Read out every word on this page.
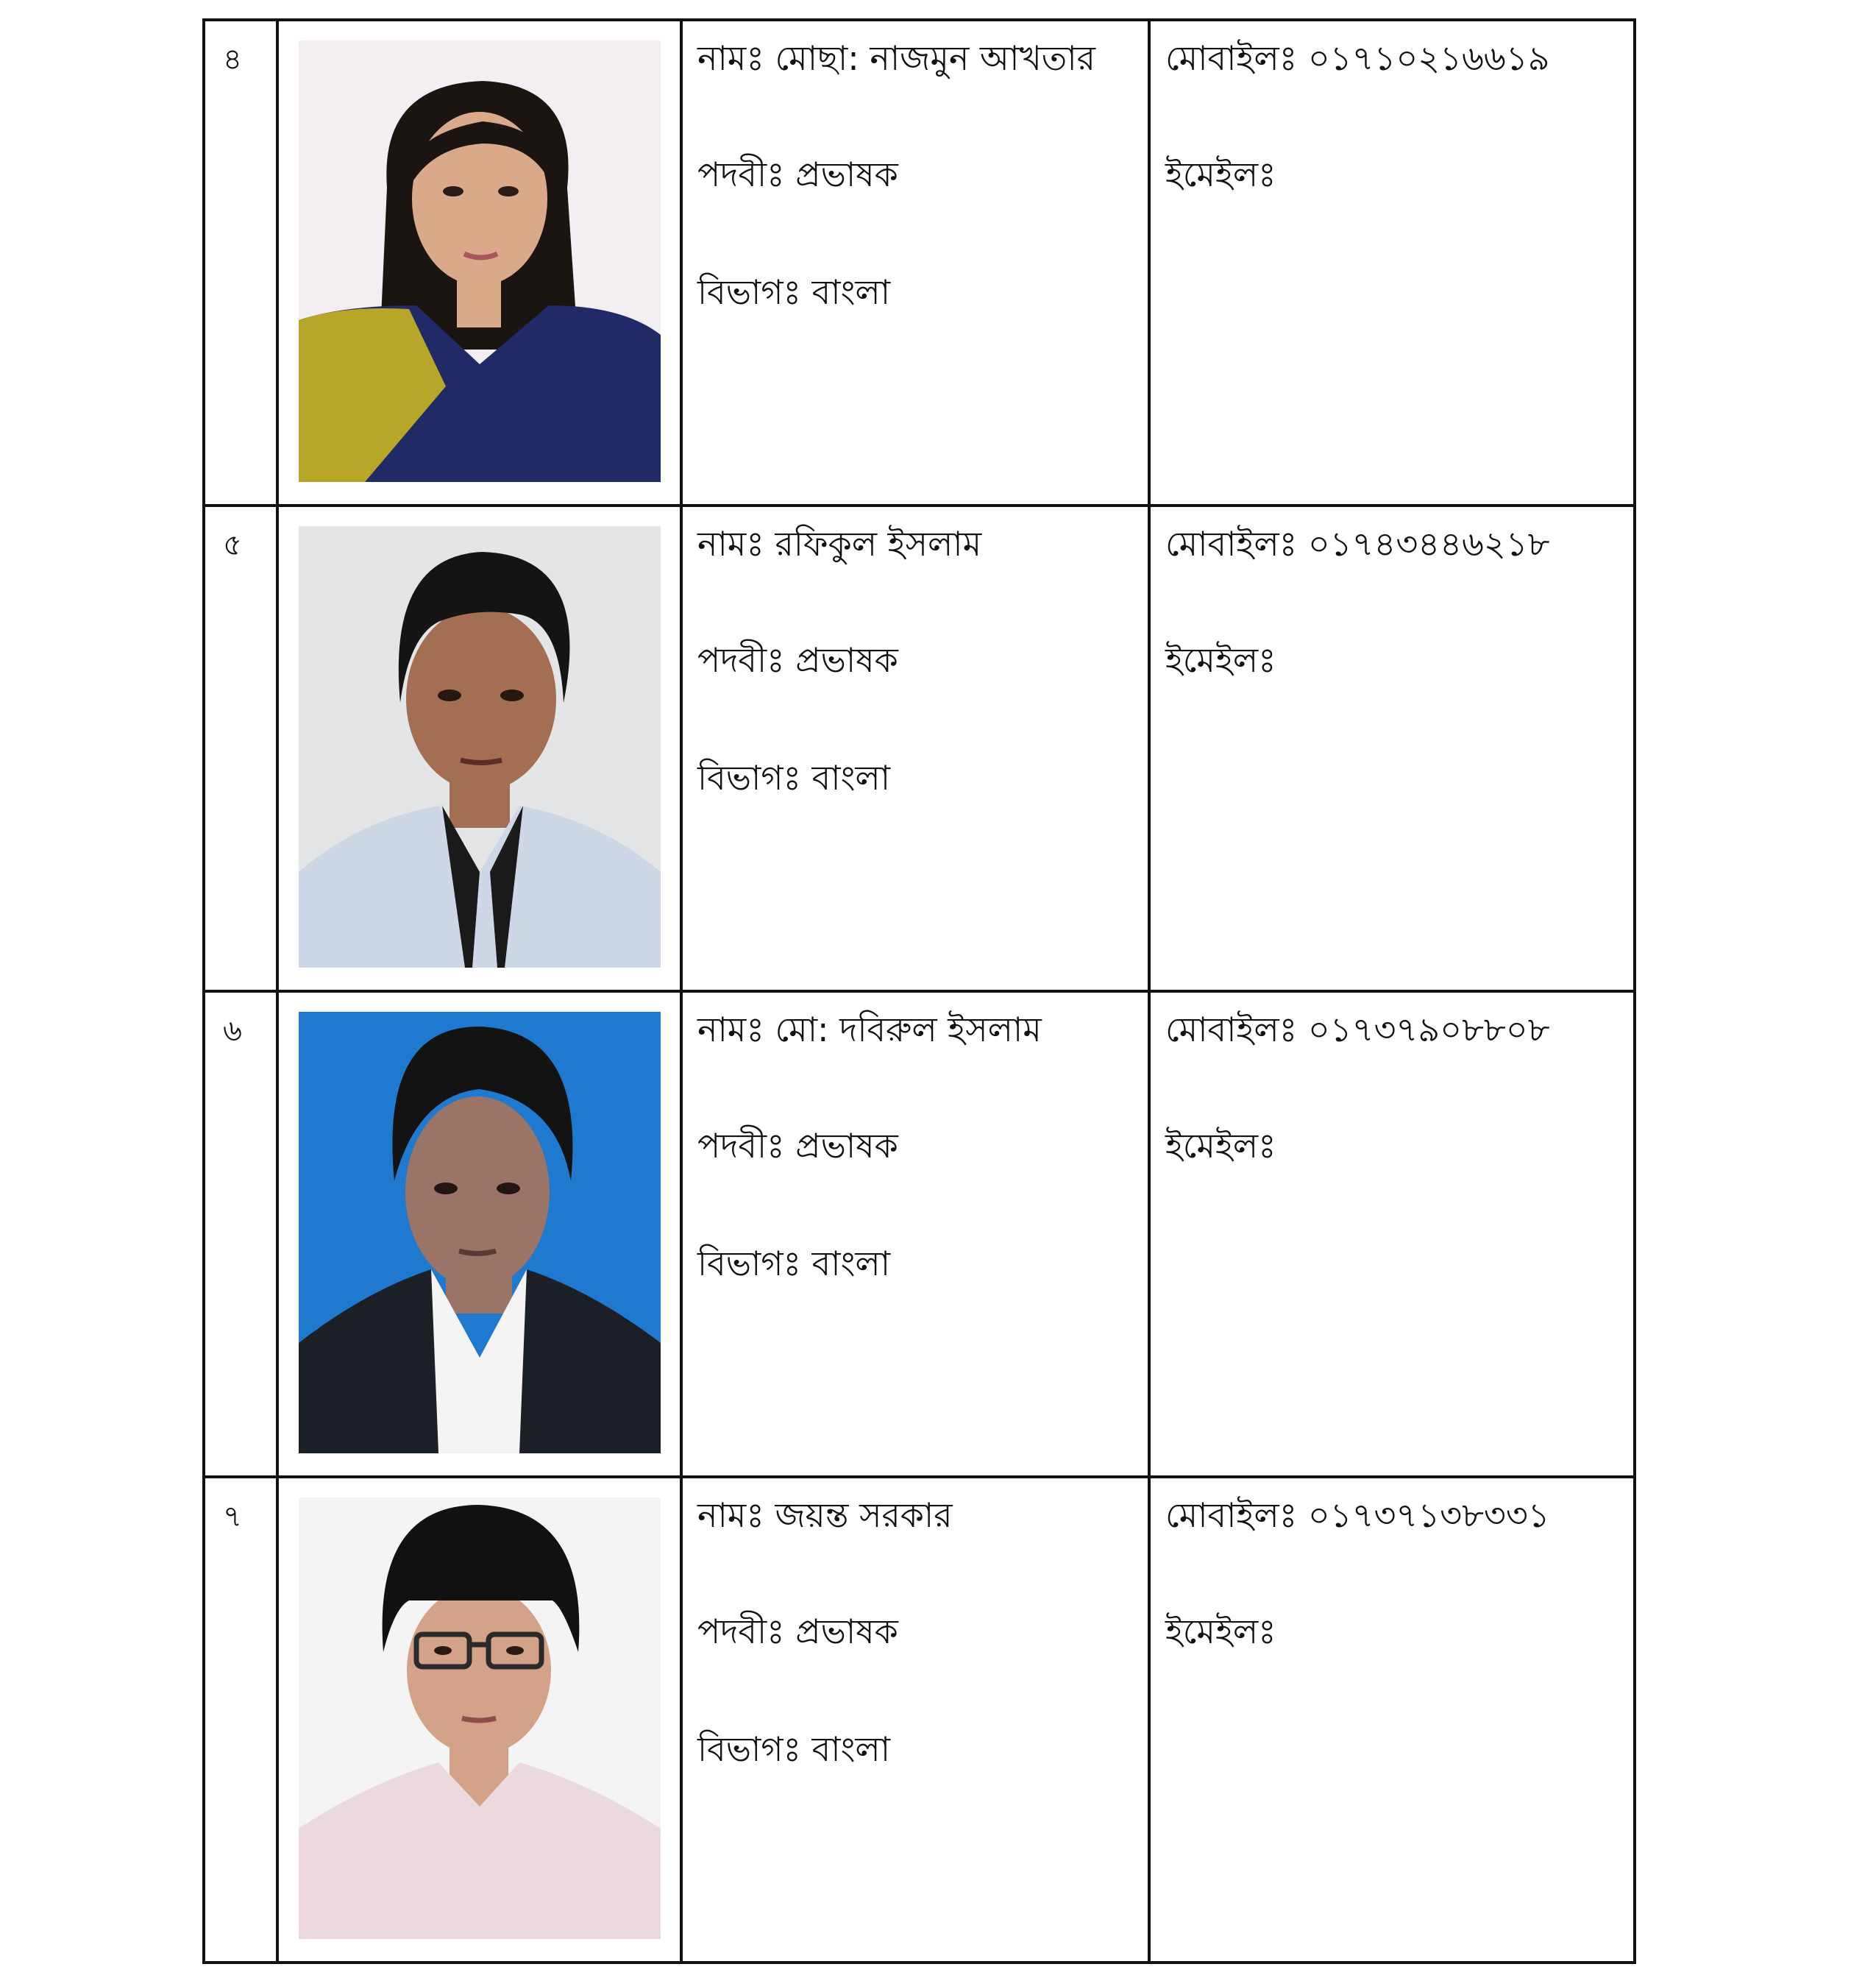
৪		নামঃ মোছা: নাজমুন আখতার
পদবীঃ প্রভাষক
বিভাগঃ বাংলা	মোবাইলঃ ০১৭১০২১৬৬১৯
ইমেইলঃ

৫		নামঃ রফিকুল ইসলাম
পদবীঃ প্রভাষক
বিভাগঃ বাংলা	মোবাইলঃ ০১৭৪৩৪৪৬২১৮
ইমেইলঃ

৬		নামঃ মো: দবিরুল ইসলাম
পদবীঃ প্রভাষক
বিভাগঃ বাংলা	মোবাইলঃ ০১৭৩৭৯০৮৮০৮
ইমেইলঃ

৭		নামঃ জয়ন্ত সরকার
পদবীঃ প্রভাষক
বিভাগঃ বাংলা	মোবাইলঃ ০১৭৩৭১৩৮৩৩১
ইমেইলঃ
